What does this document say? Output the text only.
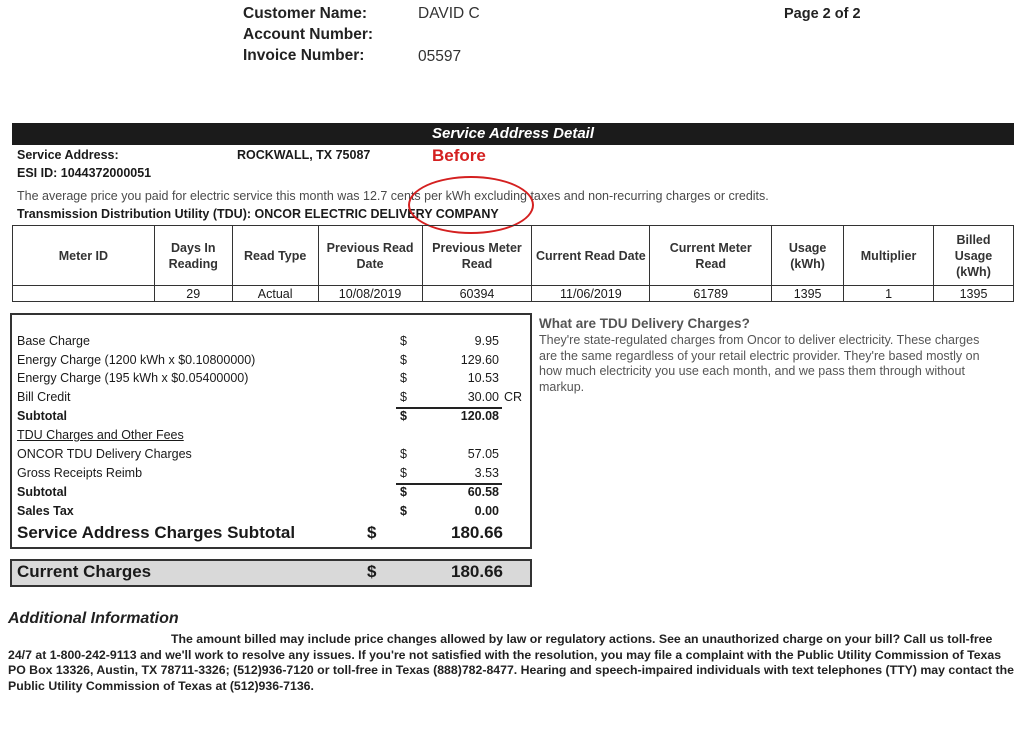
Customer Name:	DAVID C
Account Number:
Invoice Number:	05597
Page 2 of 2
Service Address Detail
Service Address:	ROCKWALL, TX 75087
ESI ID: 1044372000051
The average price you paid for electric service this month was 12.7 cents per kWh excluding taxes and non-recurring charges or credits.
Transmission Distribution Utility (TDU): ONCOR ELECTRIC DELIVERY COMPANY
Before
Meter ID	Days In Reading	Read Type	Previous Read Date	Previous Meter Read	Current Read Date	Current Meter Read	Usage (kWh)	Multiplier	Billed Usage (kWh)
	29	Actual	10/08/2019	60394	11/06/2019	61789	1395	1	1395
Base Charge	$	9.95
Energy Charge (1200 kWh x $0.10800000)	$	129.60
Energy Charge (195 kWh x $0.05400000)	$	10.53
Bill Credit	$	30.00 CR
Subtotal	$	120.08
TDU Charges and Other Fees
ONCOR TDU Delivery Charges	$	57.05
Gross Receipts Reimb	$	3.53
Subtotal	$	60.58
Sales Tax	$	0.00
Service Address Charges Subtotal	$	180.66
Current Charges	$	180.66
What are TDU Delivery Charges?
They're state-regulated charges from Oncor to deliver electricity. These charges are the same regardless of your retail electric provider. They're based mostly on how much electricity you use each month, and we pass them through without markup.
Additional Information
The amount billed may include price changes allowed by law or regulatory actions. See an unauthorized charge on your bill? Call us toll-free 24/7 at 1-800-242-9113 and we'll work to resolve any issues. If you're not satisfied with the resolution, you may file a complaint with the Public Utility Commission of Texas PO Box 13326, Austin, TX 78711-3326; (512)936-7120 or toll-free in Texas (888)782-8477. Hearing and speech-impaired individuals with text telephones (TTY) may contact the Public Utility Commission of Texas at (512)936-7136.
